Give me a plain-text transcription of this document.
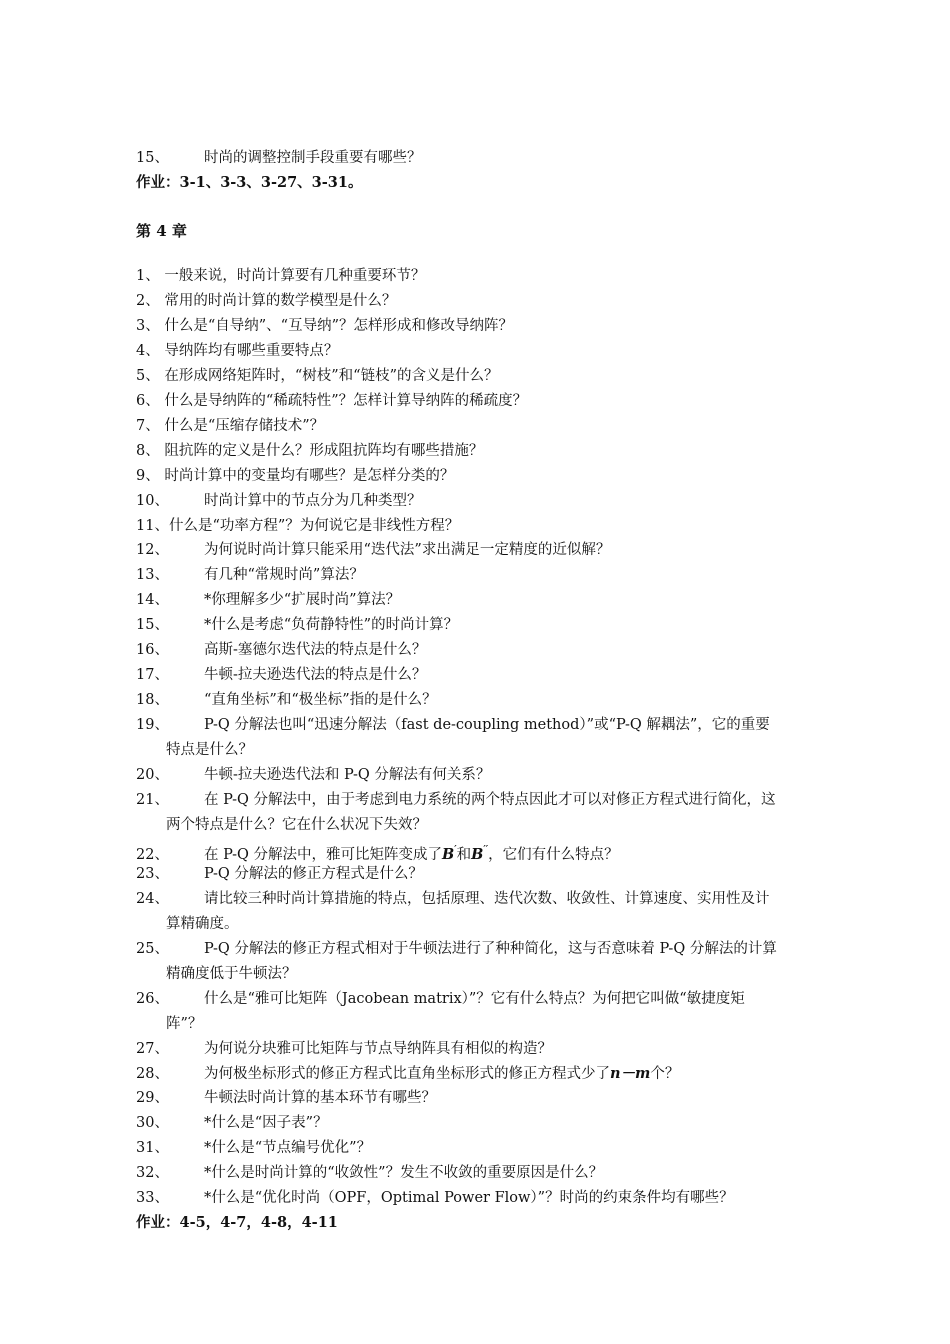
15、 时尚的调整控制手段重要有哪些？
作业：3-1、3-3、3-27、3-31。
第 4 章
1、 一般来说，时尚计算要有几种重要环节？
2、 常用的时尚计算的数学模型是什么？
3、 什么是“自导纳”、“互导纳”？怎样形成和修改导纳阵？
4、 导纳阵均有哪些重要特点？
5、 在形成网络矩阵时，“树枝”和“链枝”的含义是什么？
6、 什么是导纳阵的“稀疏特性”？怎样计算导纳阵的稀疏度？
7、 什么是“压缩存储技术”？
8、 阻抗阵的定义是什么？形成阻抗阵均有哪些措施？
9、 时尚计算中的变量均有哪些？是怎样分类的？
10、 时尚计算中的节点分为几种类型？
11、什么是“功率方程”？为何说它是非线性方程？
12、 为何说时尚计算只能采用“迭代法”求出满足一定精度的近似解？
13、 有几种“常规时尚”算法？
14、 *你理解多少“扩展时尚”算法？
15、 *什么是考虑“负荷静特性”的时尚计算？
16、 高斯-塞德尔迭代法的特点是什么？
17、 牛顿-拉夫逊迭代法的特点是什么？
18、 “直角坐标”和“极坐标”指的是什么？
19、 P-Q 分解法也叫“迅速分解法（fast de-coupling method）”或“P-Q 解耦法”，它的重要
特点是什么？
20、 牛顿-拉夫逊迭代法和 P-Q 分解法有何关系？
21、 在 P-Q 分解法中，由于考虑到电力系统的两个特点因此才可以对修正方程式进行简化，这
两个特点是什么？它在什么状况下失效？
22、 在 P-Q 分解法中，雅可比矩阵变成了B′和B′′，它们有什么特点？
23、 P-Q 分解法的修正方程式是什么？
24、 请比较三种时尚计算措施的特点，包括原理、迭代次数、收敛性、计算速度、实用性及计
算精确度。
25、 P-Q 分解法的修正方程式相对于牛顿法进行了种种简化，这与否意味着 P-Q 分解法的计算
精确度低于牛顿法？
26、 什么是“雅可比矩阵（Jacobean matrix）”？它有什么特点？为何把它叫做“敏捷度矩
阵”？
27、 为何说分块雅可比矩阵与节点导纳阵具有相似的构造？
28、 为何极坐标形式的修正方程式比直角坐标形式的修正方程式少了n－m个？
29、 牛顿法时尚计算的基本环节有哪些？
30、 *什么是“因子表”？
31、 *什么是“节点编号优化”？
32、 *什么是时尚计算的“收敛性”？发生不收敛的重要原因是什么？
33、 *什么是“优化时尚（OPF，Optimal Power Flow）”？时尚的约束条件均有哪些？
作业：4-5，4-7，4-8，4-11
